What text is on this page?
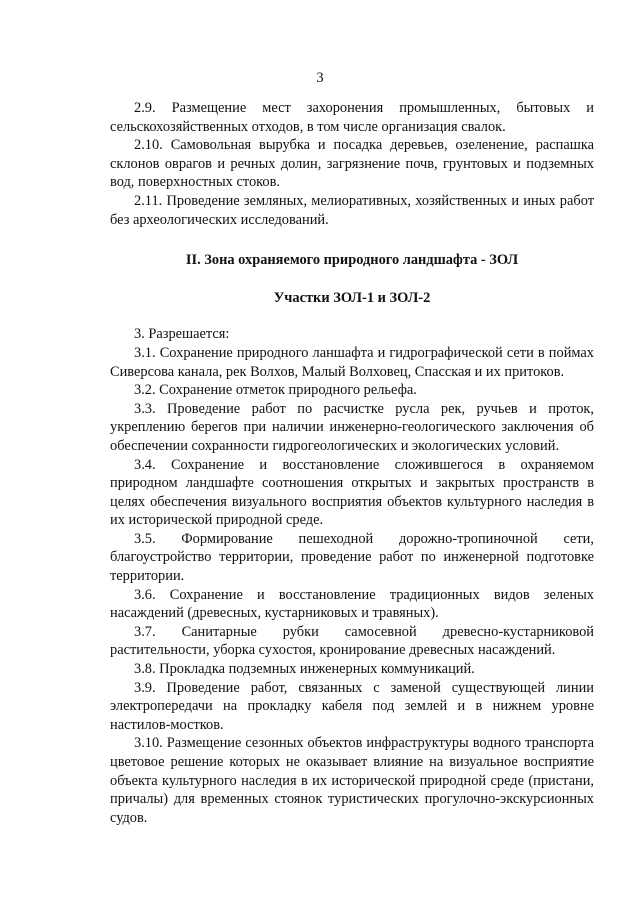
3

2.9. Размещение мест захоронения промышленных, бытовых и сельскохозяйственных отходов, в том числе организация свалок.

2.10. Самовольная вырубка и посадка деревьев, озеленение, распашка склонов оврагов и речных долин, загрязнение почв, грунтовых и подземных вод, поверхностных стоков.

2.11. Проведение земляных, мелиоративных, хозяйственных и иных работ без археологических исследований.

II. Зона охраняемого природного ландшафта - ЗОЛ

Участки ЗОЛ-1 и ЗОЛ-2

3. Разрешается:

3.1. Сохранение природного ланшафта и гидрографической сети в поймах Сиверсова канала, рек Волхов, Малый Волховец, Спасская и их притоков.

3.2. Сохранение отметок природного рельефа.

3.3. Проведение работ по расчистке русла рек, ручьев и проток, укреплению берегов при наличии инженерно-геологического заключения об обеспечении сохранности гидрогеологических и экологических условий.

3.4. Сохранение и восстановление сложившегося в охраняемом природном ландшафте соотношения открытых и закрытых пространств в целях обеспечения визуального восприятия объектов культурного наследия в их исторической природной среде.

3.5. Формирование пешеходной дорожно-тропиночной сети, благоустройство территории, проведение работ по инженерной подготовке территории.

3.6. Сохранение и восстановление традиционных видов зеленых насаждений (древесных, кустарниковых и травяных).

3.7. Санитарные рубки самосевной древесно-кустарниковой растительности, уборка сухостоя, кронирование древесных насаждений.

3.8. Прокладка подземных инженерных коммуникаций.

3.9. Проведение работ, связанных с заменой существующей линии электропередачи на прокладку кабеля под землей и в нижнем уровне настилов-мостков.

3.10. Размещение сезонных объектов инфраструктуры водного транспорта цветовое решение которых не оказывает влияние на визуальное восприятие объекта культурного наследия в их исторической природной среде (пристани, причалы) для временных стоянок туристических прогулочно-экскурсионных судов.
